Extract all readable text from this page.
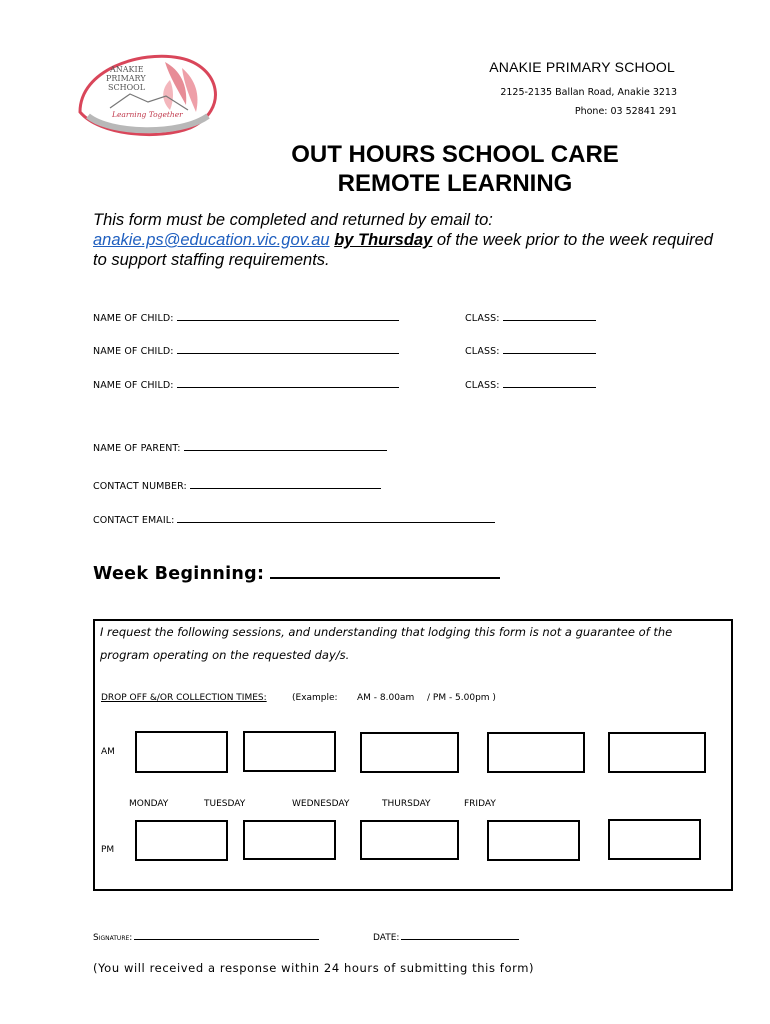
ANAKIE
PRIMARY
SCHOOL
Learning Together
ANAKIE PRIMARY SCHOOL
2125-2135 Ballan Road, Anakie 3213
Phone: 03 52841 291
OUT HOURS SCHOOL CARE
REMOTE LEARNING
This form must be completed and returned by email to:
anakie.ps@education.vic.gov.au by Thursday of the week prior to the week required to support staffing requirements.
NAME OF CHILD:	CLASS:
NAME OF CHILD:	CLASS:
NAME OF CHILD:	CLASS:
NAME OF PARENT:
CONTACT NUMBER:
CONTACT EMAIL:
Week Beginning:
I request the following sessions, and understanding that lodging this form is not a guarantee of the program operating on the requested day/s.
DROP OFF &/OR COLLECTION TIMES:	(Example: AM - 8.00am / PM - 5.00pm )
AM
MONDAY	TUESDAY	WEDNESDAY	THURSDAY	FRIDAY
PM
Signature:	DATE:
(You will received a response within 24 hours of submitting this form)
